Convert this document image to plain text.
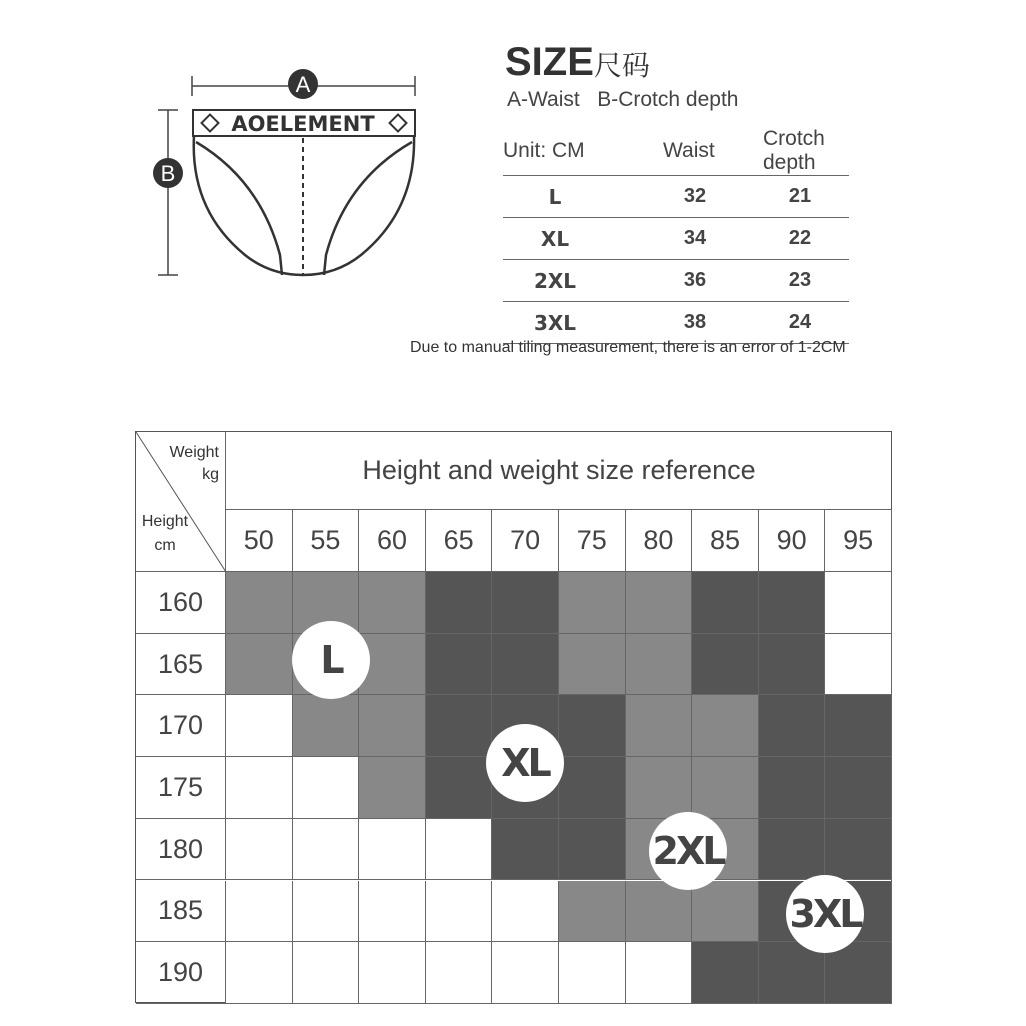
A
B
AOELEMENT
SIZE尺码
A-Waist   B-Crotch depth
Unit: CM	Waist	Crotch depth
L	32	21
XL	34	22
2XL	36	23
3XL	38	24
Due to manual tiling measurement, there is an error of 1-2CM
Weight
kg
Height
cm
Height and weight size reference
50	55	60	65	70	75	80	85	90	95
160
165
170
175
180
185
190
L
XL
2XL
3XL
